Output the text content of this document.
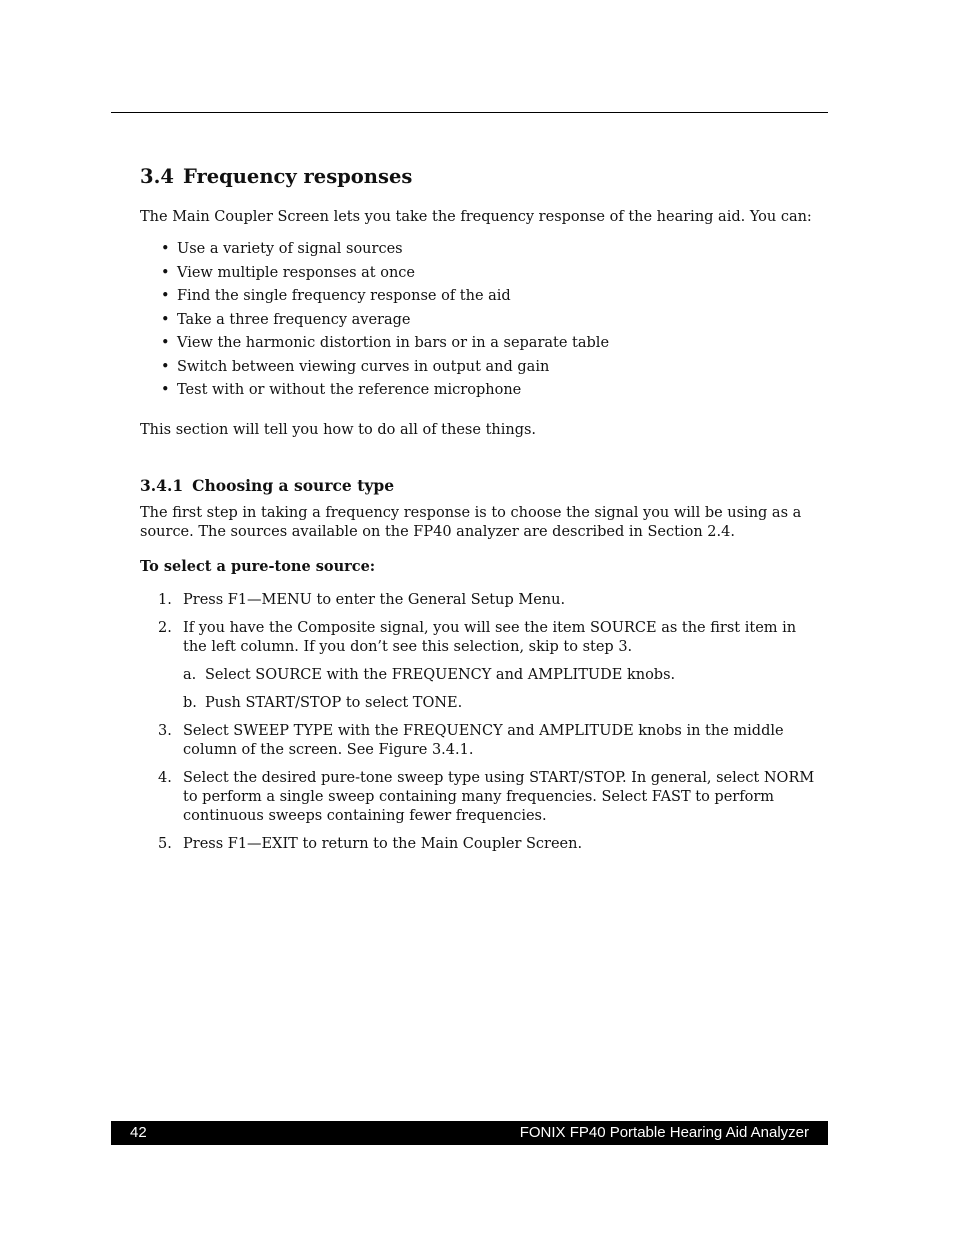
3.4 Frequency responses

The Main Coupler Screen lets you take the frequency response of the hearing aid. You can:

• Use a variety of signal sources
• View multiple responses at once
• Find the single frequency response of the aid
• Take a three frequency average
• View the harmonic distortion in bars or in a separate table
• Switch between viewing curves in output and gain
• Test with or without the reference microphone

This section will tell you how to do all of these things.

3.4.1 Choosing a source type

The first step in taking a frequency response is to choose the signal you will be using as a source. The sources available on the FP40 analyzer are described in Section 2.4.

To select a pure-tone source:

1. Press F1—MENU to enter the General Setup Menu.
2. If you have the Composite signal, you will see the item SOURCE as the first item in the left column. If you don’t see this selection, skip to step 3.
a. Select SOURCE with the FREQUENCY and AMPLITUDE knobs.
b. Push START/STOP to select TONE.
3. Select SWEEP TYPE with the FREQUENCY and AMPLITUDE knobs in the middle column of the screen. See Figure 3.4.1.
4. Select the desired pure-tone sweep type using START/STOP. In general, select NORM to perform a single sweep containing many frequencies. Select FAST to perform continuous sweeps containing fewer frequencies.
5. Press F1—EXIT to return to the Main Coupler Screen.
42	FONIX FP40 Portable Hearing Aid Analyzer
